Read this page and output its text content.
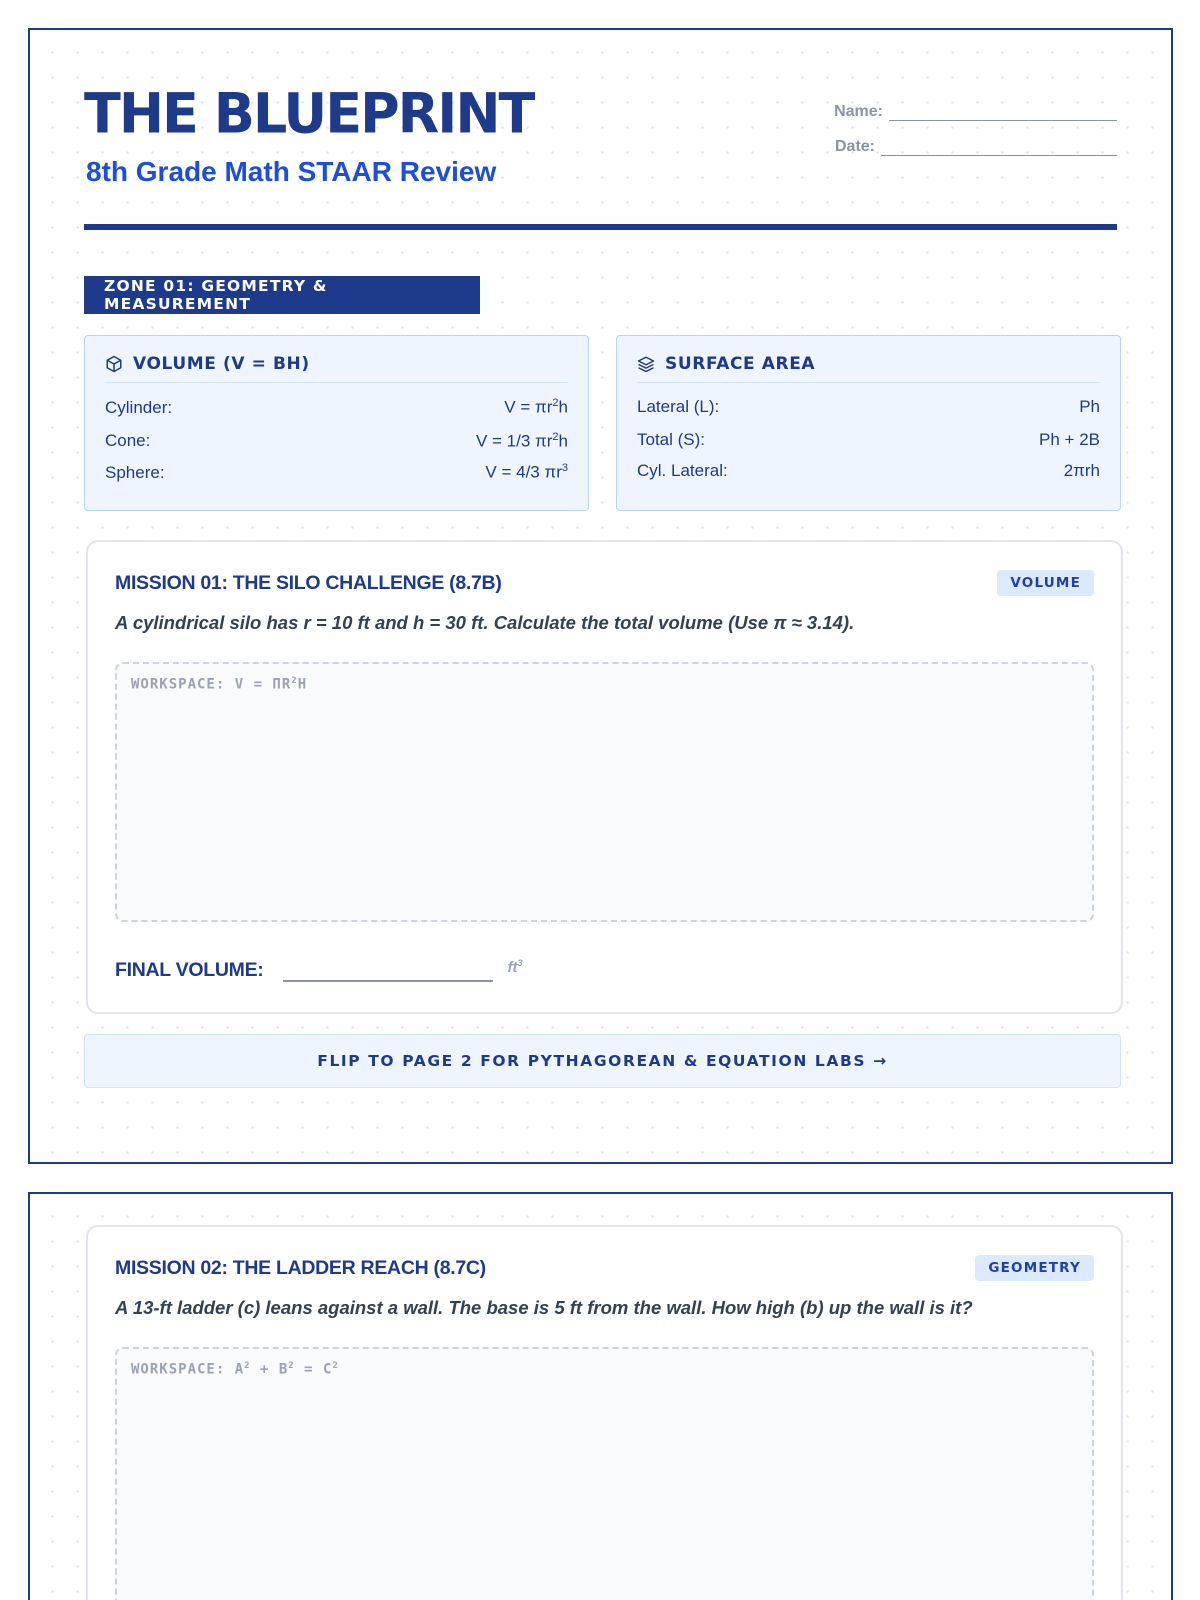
THE BLUEPRINT
8th Grade Math STAAR Review
Name:
Date:
ZONE 01: GEOMETRY & MEASUREMENT
VOLUME (V = BH)
Cylinder:	$V = \pi r^2h$
Cone:	V = 1/3 $\pi r^2h$
Sphere:	V = 4/3 $\pi r^3$
SURFACE AREA
Lateral (L):	Ph
Total (S):	Ph + 2B
Cyl. Lateral:	2πrh
MISSION 01: THE SILO CHALLENGE (8.7B)	VOLUME
A cylindrical silo has r = 10 ft and h = 30 ft. Calculate the total volume (Use π ≈ 3.14).
WORKSPACE: $V = \Pi R^2H$
FINAL VOLUME:	$ft^3$
FLIP TO PAGE 2 FOR PYTHAGOREAN & EQUATION LABS →
MISSION 02: THE LADDER REACH (8.7C)	GEOMETRY
A 13-ft ladder (c) leans against a wall. The base is 5 ft from the wall. How high (b) up the wall is it?
WORKSPACE: $A^2 + B^2 = C^2$
